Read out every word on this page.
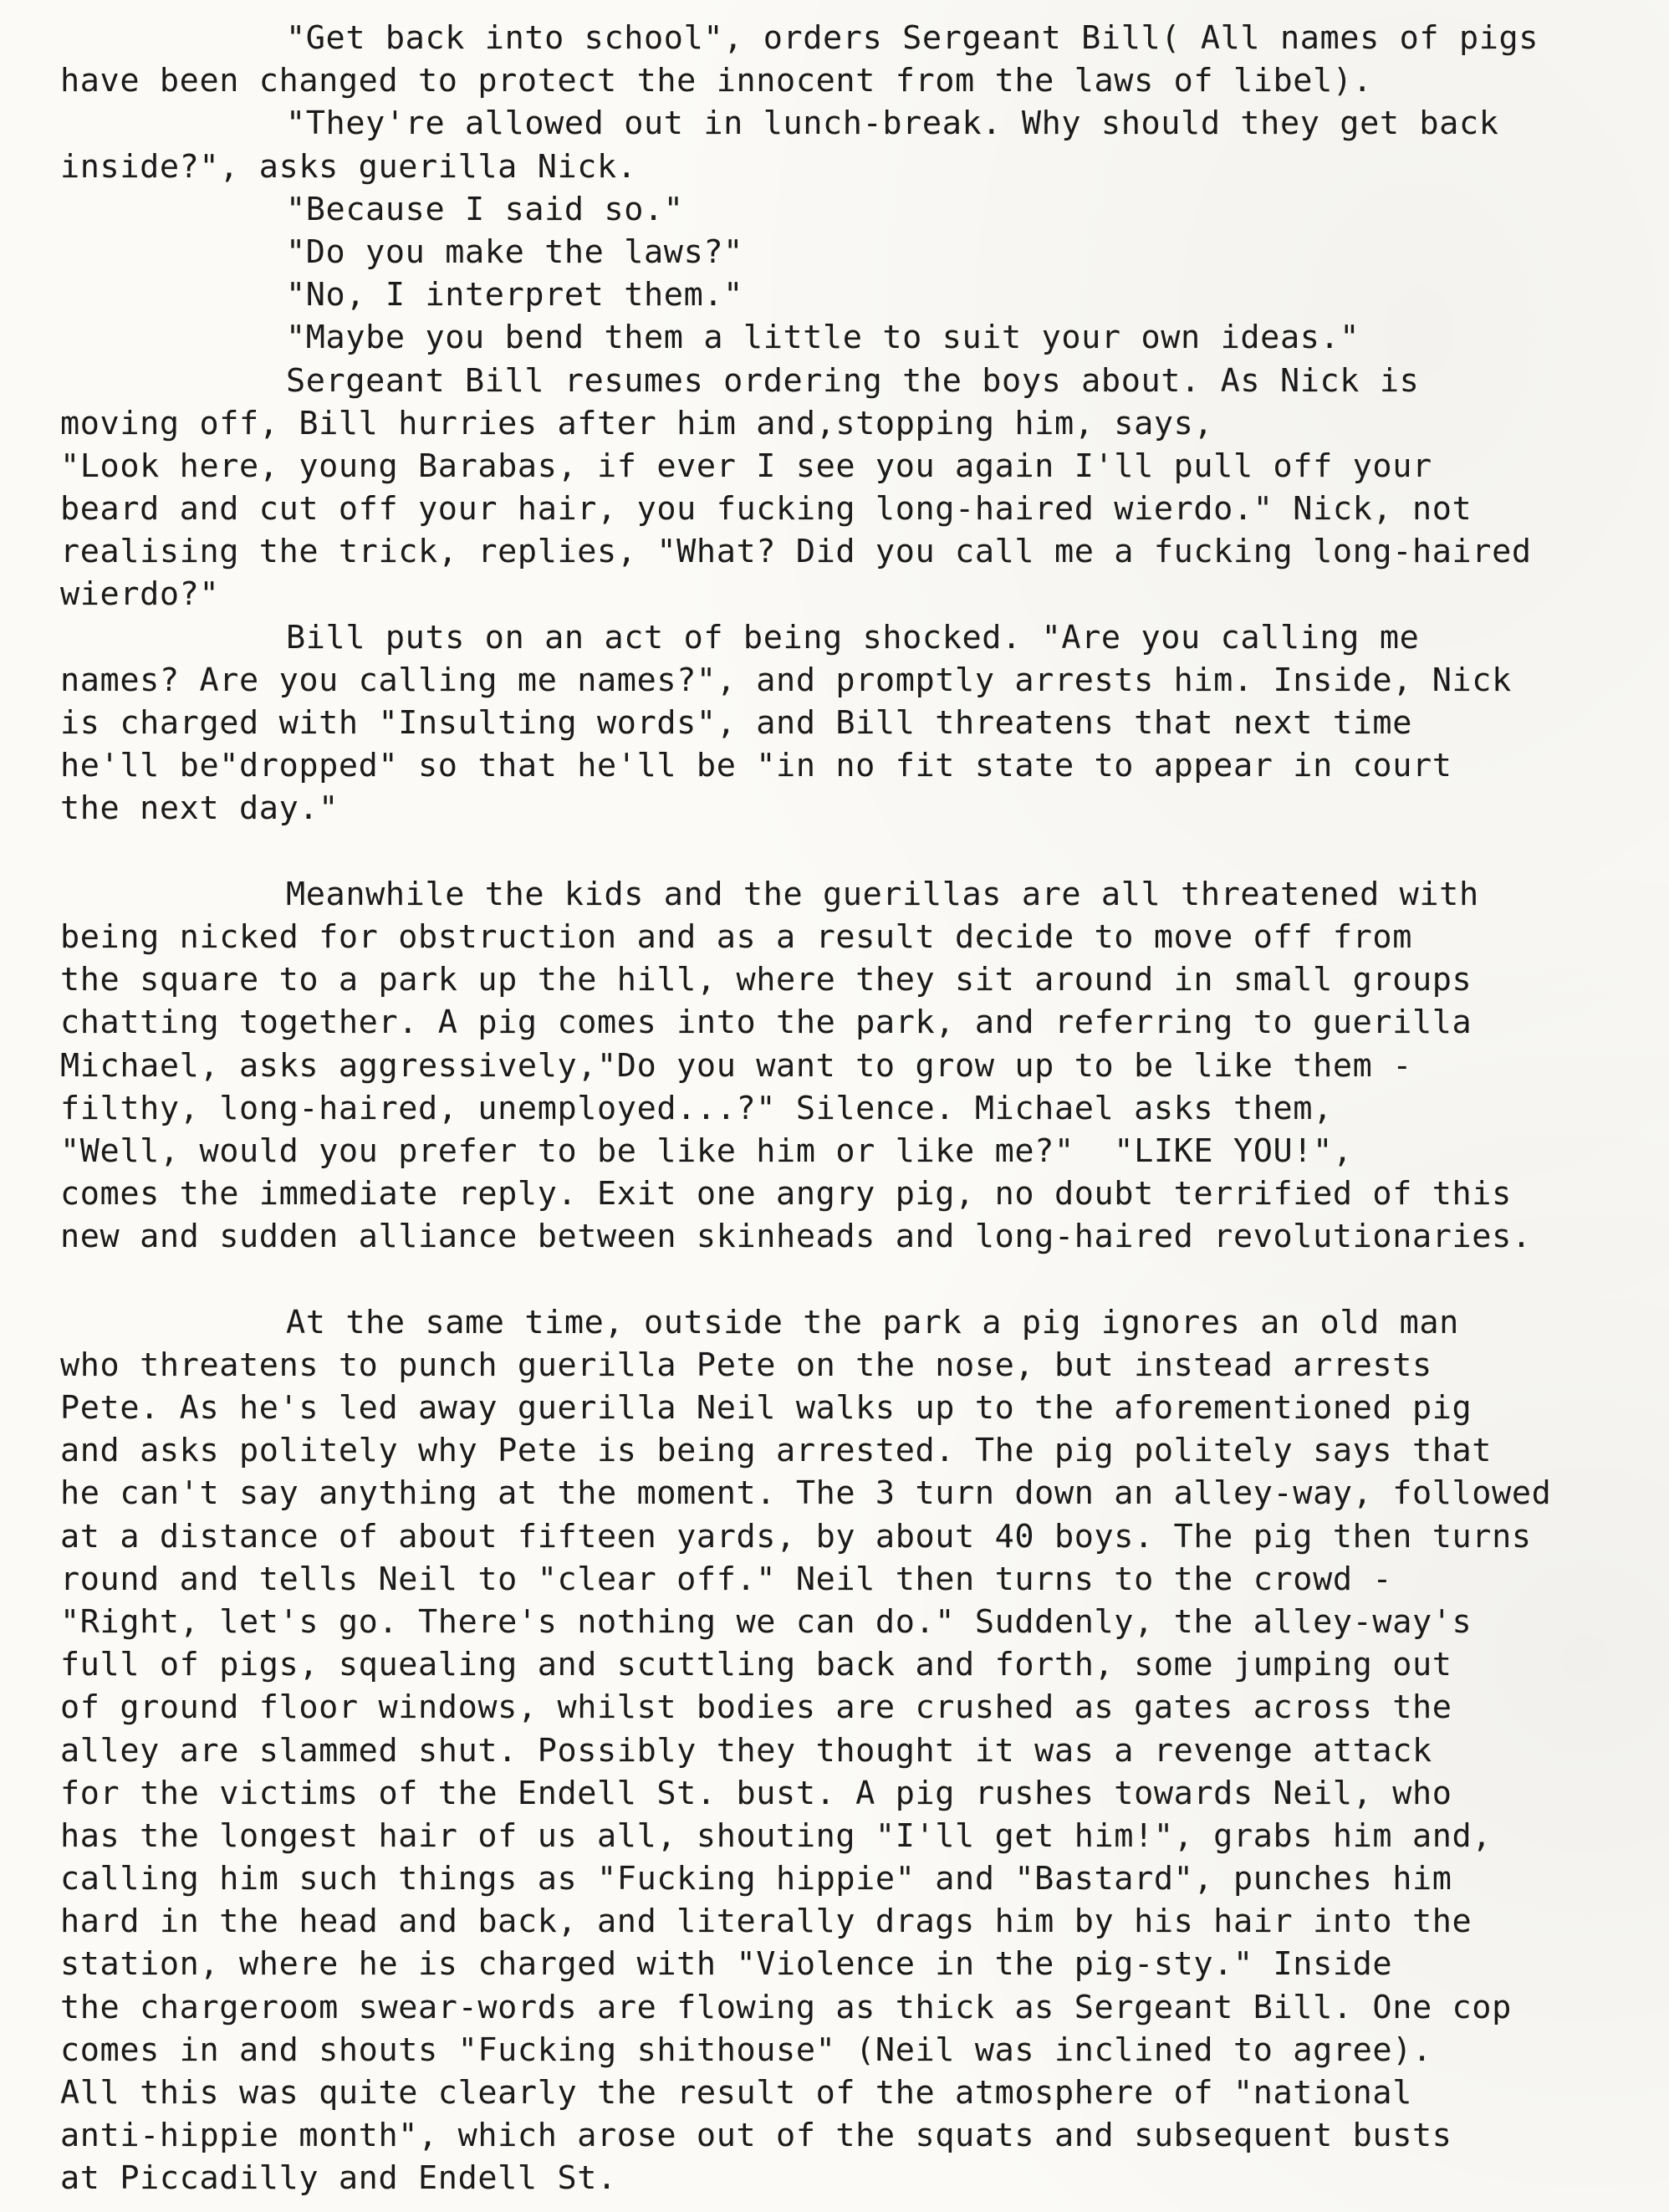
"Get back into school", orders Sergeant Bill( All names of pigs
have been changed to protect the innocent from the laws of libel).
"They're allowed out in lunch-break. Why should they get back
inside?", asks guerilla Nick.
"Because I said so."
"Do you make the laws?"
"No, I interpret them."
"Maybe you bend them a little to suit your own ideas."
Sergeant Bill resumes ordering the boys about. As Nick is
moving off, Bill hurries after him and,stopping him, says,
"Look here, young Barabas, if ever I see you again I'll pull off your
beard and cut off your hair, you fucking long-haired wierdo." Nick, not
realising the trick, replies, "What? Did you call me a fucking long-haired
wierdo?"
Bill puts on an act of being shocked. "Are you calling me
names? Are you calling me names?", and promptly arrests him. Inside, Nick
is charged with "Insulting words", and Bill threatens that next time
he'll be"dropped" so that he'll be "in no fit state to appear in court
the next day."
Meanwhile the kids and the guerillas are all threatened with
being nicked for obstruction and as a result decide to move off from
the square to a park up the hill, where they sit around in small groups
chatting together. A pig comes into the park, and referring to guerilla
Michael, asks aggressively,"Do you want to grow up to be like them -
filthy, long-haired, unemployed...?" Silence. Michael asks them,
"Well, would you prefer to be like him or like me?"  "LIKE YOU!",
comes the immediate reply. Exit one angry pig, no doubt terrified of this
new and sudden alliance between skinheads and long-haired revolutionaries.
At the same time, outside the park a pig ignores an old man
who threatens to punch guerilla Pete on the nose, but instead arrests
Pete. As he's led away guerilla Neil walks up to the aforementioned pig
and asks politely why Pete is being arrested. The pig politely says that
he can't say anything at the moment. The 3 turn down an alley-way, followed
at a distance of about fifteen yards, by about 40 boys. The pig then turns
round and tells Neil to "clear off." Neil then turns to the crowd -
"Right, let's go. There's nothing we can do." Suddenly, the alley-way's
full of pigs, squealing and scuttling back and forth, some jumping out
of ground floor windows, whilst bodies are crushed as gates across the
alley are slammed shut. Possibly they thought it was a revenge attack
for the victims of the Endell St. bust. A pig rushes towards Neil, who
has the longest hair of us all, shouting "I'll get him!", grabs him and,
calling him such things as "Fucking hippie" and "Bastard", punches him
hard in the head and back, and literally drags him by his hair into the
station, where he is charged with "Violence in the pig-sty." Inside
the chargeroom swear-words are flowing as thick as Sergeant Bill. One cop
comes in and shouts "Fucking shithouse" (Neil was inclined to agree).
All this was quite clearly the result of the atmosphere of "national
anti-hippie month", which arose out of the squats and subsequent busts
at Piccadilly and Endell St.
